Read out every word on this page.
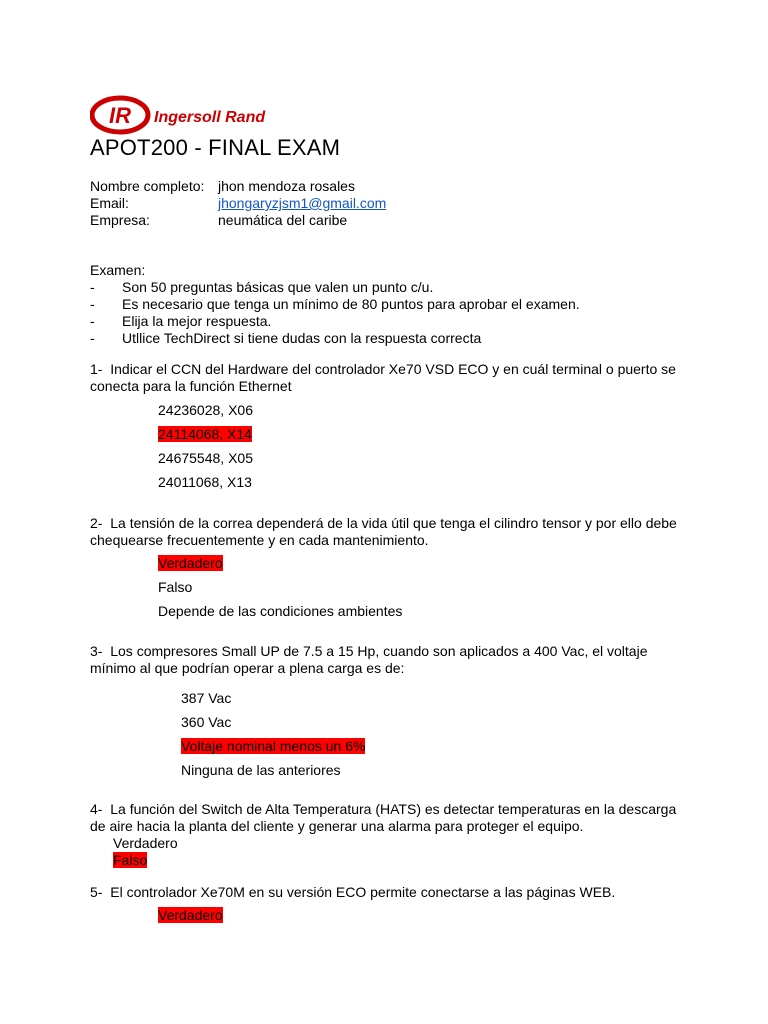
IR Ingersoll Rand
APOT200 - FINAL EXAM
Nombre completo: jhon mendoza rosales
Email:	jhongaryzjsm1@gmail.com
Empresa:	neumática del caribe
Examen:
-	Son 50 preguntas básicas que valen un punto c/u.
-	Es necesario que tenga un mínimo de 80 puntos para aprobar el examen.
-	Elija la mejor respuesta.
-	Utllice TechDirect si tiene dudas con la respuesta correcta
1- Indicar el CCN del Hardware del controlador Xe70 VSD ECO y en cuál terminal o puerto se conecta para la función Ethernet
24236028, X06
24114068, X14
24675548, X05
24011068, X13
2- La tensión de la correa dependerá de la vida útil que tenga el cilindro tensor y por ello debe chequearse frecuentemente y en cada mantenimiento.
Verdadero
Falso
Depende de las condiciones ambientes
3- Los compresores Small UP de 7.5 a 15 Hp, cuando son aplicados a 400 Vac, el voltaje mínimo al que podrían operar a plena carga es de:
387 Vac
360 Vac
Voltaje nominal menos un 6%
Ninguna de las anteriores
4- La función del Switch de Alta Temperatura (HATS) es detectar temperaturas en la descarga de aire hacia la planta del cliente y generar una alarma para proteger el equipo.
Verdadero
Falso
5- El controlador Xe70M en su versión ECO permite conectarse a las páginas WEB.
Verdadero
